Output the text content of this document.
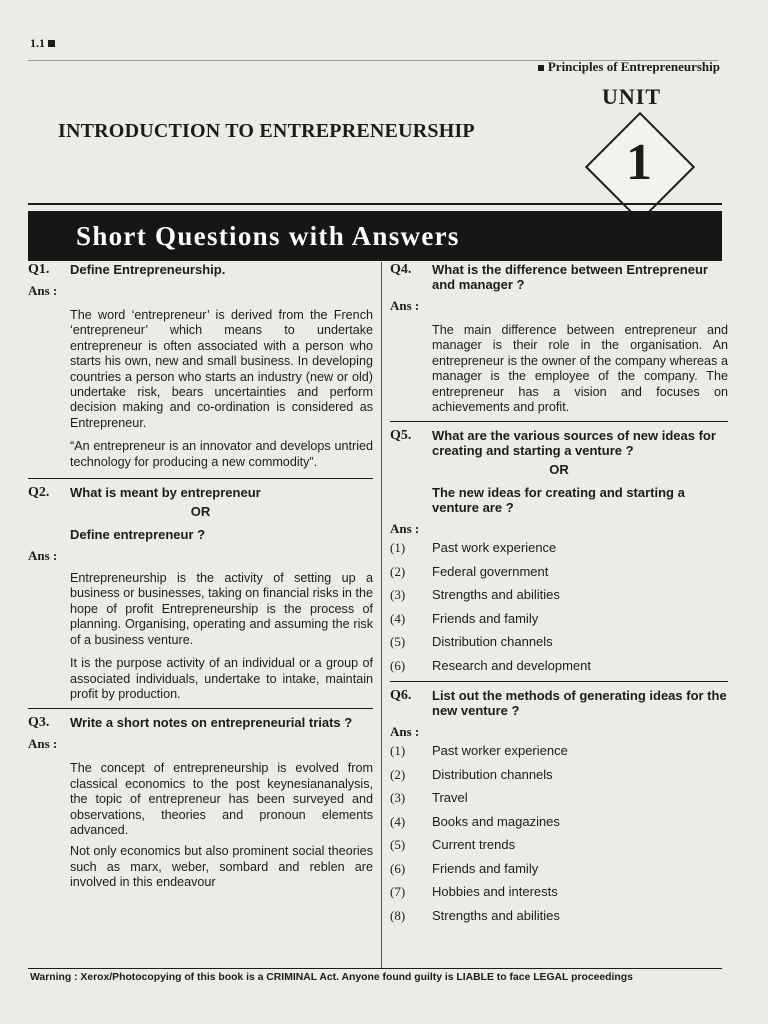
1.1
Principles of Entrepreneurship
UNIT
1
INTRODUCTION TO ENTREPRENEURSHIP
Short Questions with Answers
Q1. Define Entrepreneurship.
Ans :
The word ‘entrepreneur’ is derived from the French ‘entrepreneur’ which means to undertake entrepreneur is often associated with a person who starts his own, new and small business. In developing countries a person who starts an industry (new or old) undertake risk, bears uncertainties and perform decision making and co-ordination is considered as Entrepreneur.
“An entrepreneur is an innovator and develops untried technology for producing a new commodity”.
Q2. What is meant by entrepreneur
OR
Define entrepreneur ?
Ans :
Entrepreneurship is the activity of setting up a business or businesses, taking on financial risks in the hope of profit Entrepreneurship is the process of planning. Organising, operating and assuming the risk of a business venture.
It is the purpose activity of an individual or a group of associated individuals, undertake to intake, maintain profit by production.
Q3. Write a short notes on entrepreneurial triats ?
Ans :
The concept of entrepreneurship is evolved from classical economics to the post keynesiananalysis, the topic of entrepreneur has been surveyed and observations, theories and pronoun elements advanced.
Not only economics but also prominent social theories such as marx, weber, sombard and reblen are involved in this endeavour
Q4. What is the difference between Entrepreneur and manager ?
Ans :
The main difference between entrepreneur and manager is their role in the organisation. An entrepreneur is the owner of the company whereas a manager is the employee of the company. The entrepreneur has a vision and focuses on achievements and profit.
Q5. What are the various sources of new ideas for creating and starting a venture ?
OR
The new ideas for creating and starting a venture are ?
Ans :
(1) Past work experience
(2) Federal government
(3) Strengths and abilities
(4) Friends and family
(5) Distribution channels
(6) Research and development
Q6. List out the methods of generating ideas for the new venture ?
Ans :
(1) Past worker experience
(2) Distribution channels
(3) Travel
(4) Books and magazines
(5) Current trends
(6) Friends and family
(7) Hobbies and interests
(8) Strengths and abilities
Warning : Xerox/Photocopying of this book is a CRIMINAL Act. Anyone found guilty is LIABLE to face LEGAL proceedings
